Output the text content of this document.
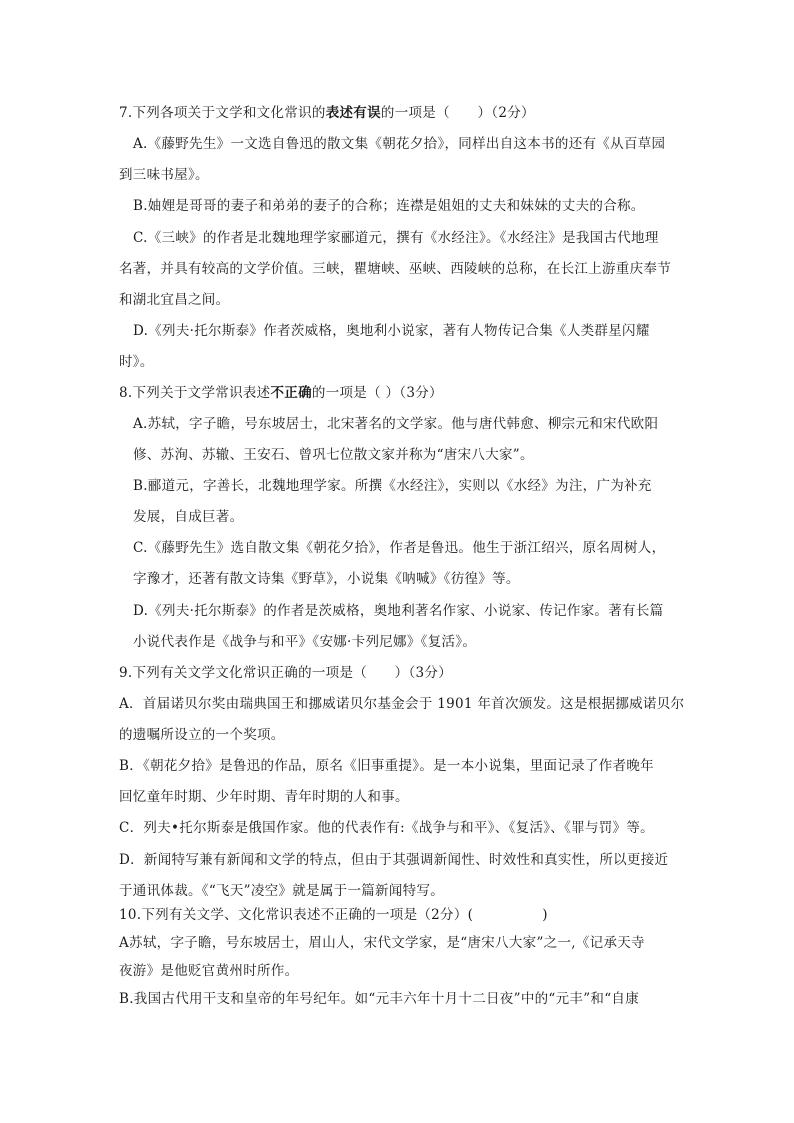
7.下列各项关于文学和文化常识的表述有误的一项是（　　）（2分）
A.《藤野先生》一文选自鲁迅的散文集《朝花夕拾》，同样出自这本书的还有《从百草园
到三味书屋》。
B.妯娌是哥哥的妻子和弟弟的妻子的合称；连襟是姐姐的丈夫和妹妹的丈夫的合称。
C.《三峡》的作者是北魏地理学家郦道元，撰有《水经注》。《水经注》是我国古代地理
名著，并具有较高的文学价值。三峡，瞿塘峡、巫峡、西陵峡的总称，在长江上游重庆奉节
和湖北宜昌之间。
D.《列夫·托尔斯泰》作者茨威格，奥地利小说家，著有人物传记合集《人类群星闪耀
时》。
8.下列关于文学常识表述不正确的一项是（ ）（3分）
A.苏轼，字子瞻，号东坡居士，北宋著名的文学家。他与唐代韩愈、柳宗元和宋代欧阳
修、苏洵、苏辙、王安石、曾巩七位散文家并称为“唐宋八大家”。
B.郦道元，字善长，北魏地理学家。所撰《水经注》，实则以《水经》为注，广为补充
发展，自成巨著。
C.《藤野先生》选自散文集《朝花夕拾》，作者是鲁迅。他生于浙江绍兴，原名周树人，
字豫才，还著有散文诗集《野草》，小说集《呐喊》《彷徨》等。
D.《列夫·托尔斯泰》的作者是茨威格，奥地利著名作家、小说家、传记作家。著有长篇
小说代表作是《战争与和平》《安娜·卡列尼娜》《复活》。
9.下列有关文学文化常识正确的一项是（　　）（3分）
A．首届诺贝尔奖由瑞典国王和挪威诺贝尔基金会于 1901 年首次颁发。这是根据挪威诺贝尔
的遗嘱所设立的一个奖项。
B．《朝花夕拾》是鲁迅的作品，原名《旧事重提》。是一本小说集，里面记录了作者晚年
回忆童年时期、少年时期、青年时期的人和事。
C．列夫•托尔斯泰是俄国作家。他的代表作有:《战争与和平》、《复活》、《罪与罚》等。
D．新闻特写兼有新闻和文学的特点，但由于其强调新闻性、时效性和真实性，所以更接近
于通讯体裁。《“飞天”凌空》就是属于一篇新闻特写。
10.下列有关文学、文化常识表述不正确的一项是（2分）(　　　　　)
A苏轼，字子瞻，号东坡居士，眉山人，宋代文学家，是“唐宋八大家”之一,《记承天寺
夜游》是他贬官黄州时所作。
B.我国古代用干支和皇帝的年号纪年。如“元丰六年十月十二日夜”中的“元丰”和“自康
